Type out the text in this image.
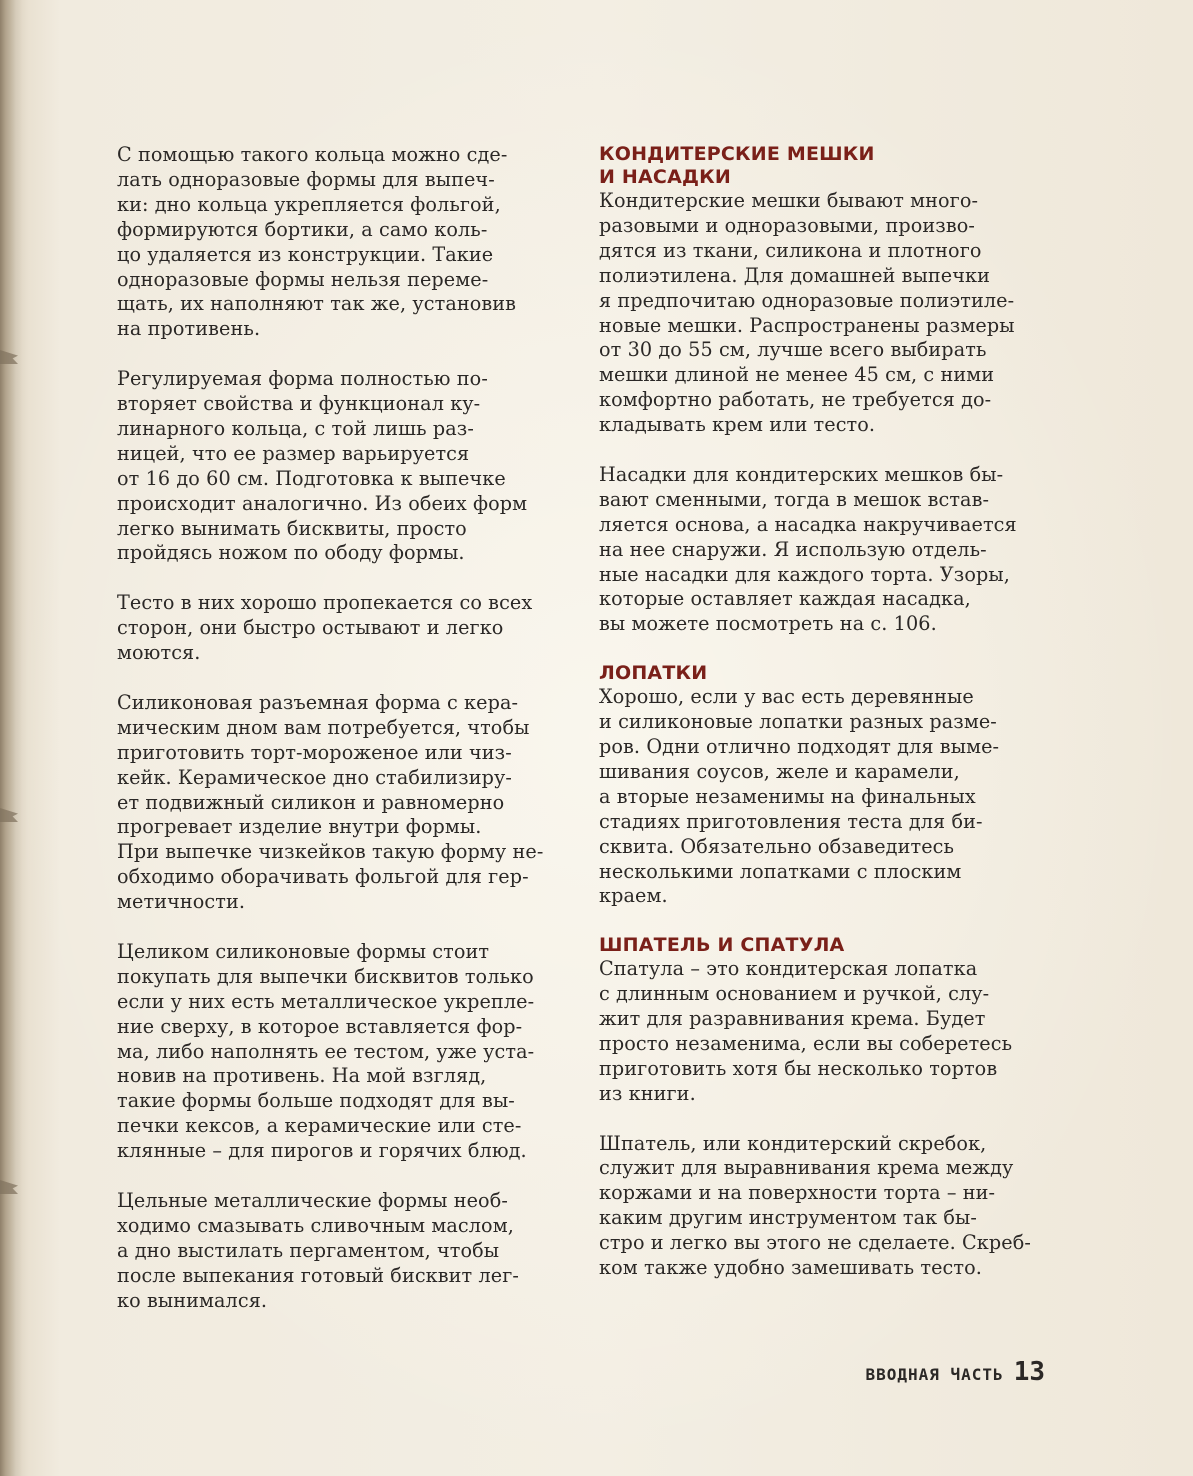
С помощью такого кольца можно сде-
лать одноразовые формы для выпеч-
ки: дно кольца укрепляется фольгой,
формируются бортики, а само коль-
цо удаляется из конструкции. Такие
одноразовые формы нельзя переме-
щать, их наполняют так же, установив
на противень.

Регулируемая форма полностью по-
вторяет свойства и функционал ку-
линарного кольца, с той лишь раз-
ницей, что ее размер варьируется
от 16 до 60 см. Подготовка к выпечке
происходит аналогично. Из обеих форм
легко вынимать бисквиты, просто
пройдясь ножом по ободу формы.

Тесто в них хорошо пропекается со всех
сторон, они быстро остывают и легко
моются.

Силиконовая разъемная форма с кера-
мическим дном вам потребуется, чтобы
приготовить торт-мороженое или чиз-
кейк. Керамическое дно стабилизиру-
ет подвижный силикон и равномерно
прогревает изделие внутри формы.
При выпечке чизкейков такую форму не-
обходимо оборачивать фольгой для гер-
метичности.

Целиком силиконовые формы стоит
покупать для выпечки бисквитов только
если у них есть металлическое укрепле-
ние сверху, в которое вставляется фор-
ма, либо наполнять ее тестом, уже уста-
новив на противень. На мой взгляд,
такие формы больше подходят для вы-
печки кексов, а керамические или сте-
клянные – для пирогов и горячих блюд.

Цельные металлические формы необ-
ходимо смазывать сливочным маслом,
а дно выстилать пергаментом, чтобы
после выпекания готовый бисквит лег-
ко вынимался.

КОНДИТЕРСКИЕ МЕШКИ
И НАСАДКИ

Кондитерские мешки бывают много-
разовыми и одноразовыми, произво-
дятся из ткани, силикона и плотного
полиэтилена. Для домашней выпечки
я предпочитаю одноразовые полиэтиле-
новые мешки. Распространены размеры
от 30 до 55 см, лучше всего выбирать
мешки длиной не менее 45 см, с ними
комфортно работать, не требуется до-
кладывать крем или тесто.

Насадки для кондитерских мешков бы-
вают сменными, тогда в мешок встав-
ляется основа, а насадка накручивается
на нее снаружи. Я использую отдель-
ные насадки для каждого торта. Узоры,
которые оставляет каждая насадка,
вы можете посмотреть на с. 106.

ЛОПАТКИ

Хорошо, если у вас есть деревянные
и силиконовые лопатки разных разме-
ров. Одни отлично подходят для выме-
шивания соусов, желе и карамели,
а вторые незаменимы на финальных
стадиях приготовления теста для би-
сквита. Обязательно обзаведитесь
несколькими лопатками с плоским
краем.

ШПАТЕЛЬ И СПАТУЛА

Спатула – это кондитерская лопатка
с длинным основанием и ручкой, слу-
жит для разравнивания крема. Будет
просто незаменима, если вы соберетесь
приготовить хотя бы несколько тортов
из книги.

Шпатель, или кондитерский скребок,
служит для выравнивания крема между
коржами и на поверхности торта – ни-
каким другим инструментом так бы-
стро и легко вы этого не сделаете. Скреб-
ком также удобно замешивать тесто.

ВВОДНАЯ ЧАСТЬ 13
